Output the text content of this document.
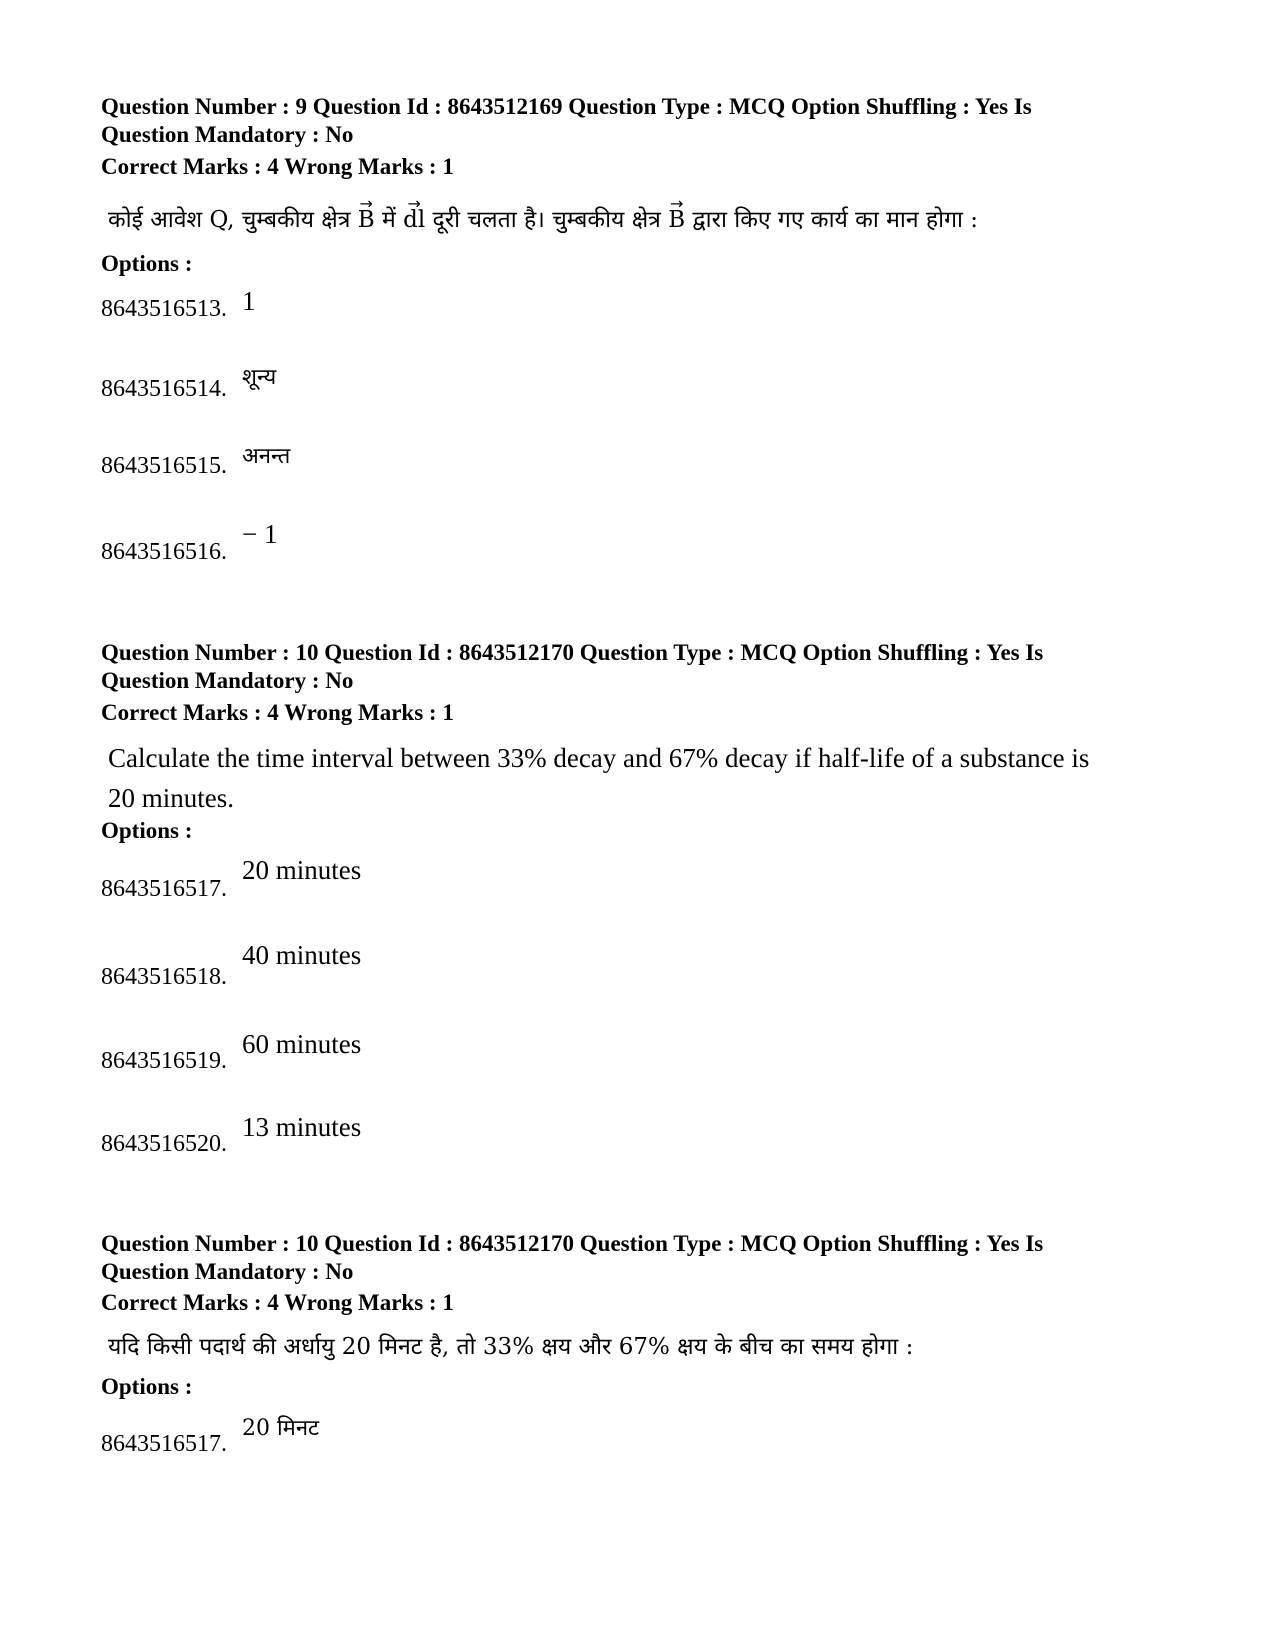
Question Number : 9 Question Id : 8643512169 Question Type : MCQ Option Shuffling : Yes Is
Question Mandatory : No
Correct Marks : 4 Wrong Marks : 1
कोई आवेश Q, चुम्बकीय क्षेत्र → B में → dl दूरी चलता है। चुम्बकीय क्षेत्र → B द्वारा किए गए कार्य का मान होगा :
Options :
8643516513. 1
8643516514. शून्य
8643516515. अनन्त
8643516516.
− 1
Question Number : 10 Question Id : 8643512170 Question Type : MCQ Option Shuffling : Yes Is
Question Mandatory : No
Correct Marks : 4 Wrong Marks : 1
Calculate the time interval between 33% decay and 67% decay if half-life of a substance is
20 minutes.
Options :
8643516517.
20 minutes
8643516518.
40 minutes
8643516519.
60 minutes
8643516520.
13 minutes
Question Number : 10 Question Id : 8643512170 Question Type : MCQ Option Shuffling : Yes Is
Question Mandatory : No
Correct Marks : 4 Wrong Marks : 1
यदि किसी पदार्थ की अर्धायु 20 मिनट है, तो 33% क्षय और 67% क्षय के बीच का समय होगा :
Options :
8643516517.
20 मिनट
